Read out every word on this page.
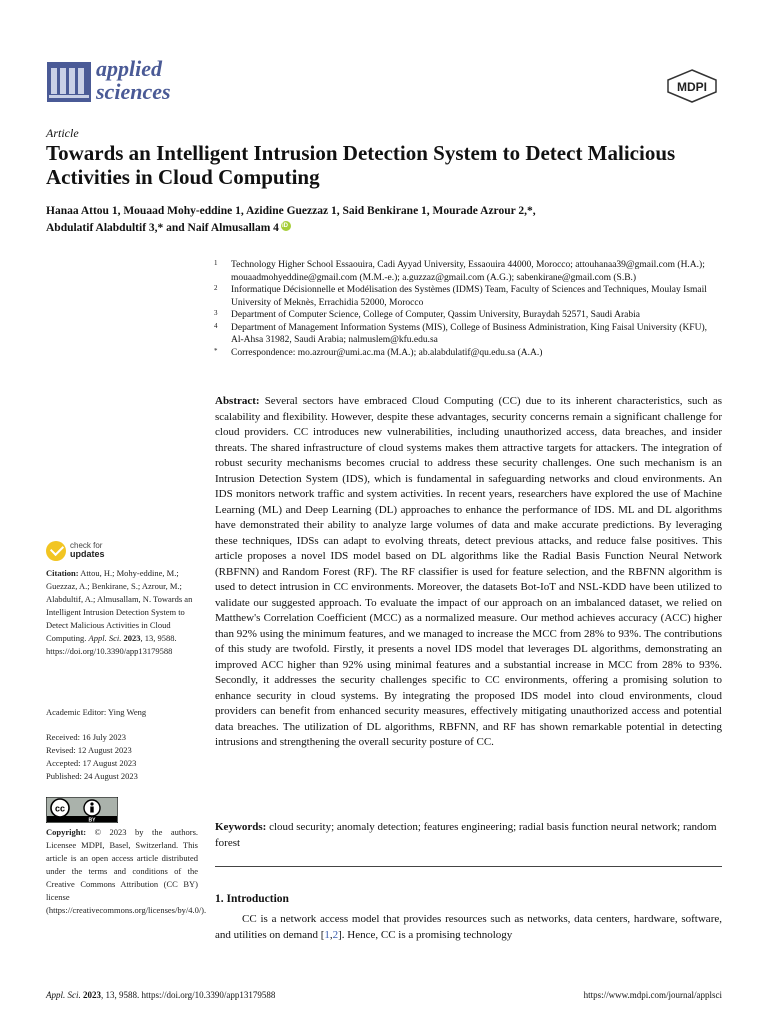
applied
sciences	MDPI
Article
Towards an Intelligent Intrusion Detection System to Detect Malicious Activities in Cloud Computing
Hanaa Attou 1, Mouaad Mohy-eddine 1, Azidine Guezzaz 1, Said Benkirane 1, Mourade Azrour 2,*,
Abdulatif Alabdultif 3,* and Naif Almusallam 4iD
1 Technology Higher School Essaouira, Cadi Ayyad University, Essaouira 44000, Morocco; attouhanaa39@gmail.com (H.A.); mouaadmohyeddine@gmail.com (M.M.-e.); a.guzzaz@gmail.com (A.G.); sabenkirane@gmail.com (S.B.)
2 Informatique Décisionnelle et Modélisation des Systèmes (IDMS) Team, Faculty of Sciences and Techniques, Moulay Ismail University of Meknès, Errachidia 52000, Morocco
3 Department of Computer Science, College of Computer, Qassim University, Buraydah 52571, Saudi Arabia
4 Department of Management Information Systems (MIS), College of Business Administration, King Faisal University (KFU), Al-Ahsa 31982, Saudi Arabia; nalmuslem@kfu.edu.sa
* Correspondence: mo.azrour@umi.ac.ma (M.A.); ab.alabdulatif@qu.edu.sa (A.A.)
Abstract: Several sectors have embraced Cloud Computing (CC) due to its inherent characteristics, such as scalability and flexibility. However, despite these advantages, security concerns remain a significant challenge for cloud providers. CC introduces new vulnerabilities, including unauthorized access, data breaches, and insider threats. The shared infrastructure of cloud systems makes them attractive targets for attackers. The integration of robust security mechanisms becomes crucial to address these security challenges. One such mechanism is an Intrusion Detection System (IDS), which is fundamental in safeguarding networks and cloud environments. An IDS monitors network traffic and system activities. In recent years, researchers have explored the use of Machine Learning (ML) and Deep Learning (DL) approaches to enhance the performance of IDS. ML and DL algorithms have demonstrated their ability to analyze large volumes of data and make accurate predictions. By leveraging these techniques, IDSs can adapt to evolving threats, detect previous attacks, and reduce false positives. This article proposes a novel IDS model based on DL algorithms like the Radial Basis Function Neural Network (RBFNN) and Random Forest (RF). The RF classifier is used for feature selection, and the RBFNN algorithm is used to detect intrusion in CC environments. Moreover, the datasets Bot-IoT and NSL-KDD have been utilized to validate our suggested approach. To evaluate the impact of our approach on an imbalanced dataset, we relied on Matthew's Correlation Coefficient (MCC) as a normalized measure. Our method achieves accuracy (ACC) higher than 92% using the minimum features, and we managed to increase the MCC from 28% to 93%. The contributions of this study are twofold. Firstly, it presents a novel IDS model that leverages DL algorithms, demonstrating an improved ACC higher than 92% using minimal features and a substantial increase in MCC from 28% to 93%. Secondly, it addresses the security challenges specific to CC environments, offering a promising solution to enhance security in cloud systems. By integrating the proposed IDS model into cloud environments, cloud providers can benefit from enhanced security measures, effectively mitigating unauthorized access and potential data breaches. The utilization of DL algorithms, RBFNN, and RF has shown remarkable potential in detecting intrusions and strengthening the overall security posture of CC.
Keywords: cloud security; anomaly detection; features engineering; radial basis function neural network; random forest
1. Introduction

CC is a network access model that provides resources such as networks, data centers, hardware, software, and utilities on demand [1,2]. Hence, CC is a promising technology

check for
updates
Citation: Attou, H.; Mohy-eddine, M.; Guezzaz, A.; Benkirane, S.; Azrour, M.; Alabdultif, A.; Almusallam, N. Towards an Intelligent Intrusion Detection System to Detect Malicious Activities in Cloud Computing. Appl. Sci. 2023, 13, 9588. https://doi.org/10.3390/app13179588
Academic Editor: Ying Weng
Received: 16 July 2023
Revised: 12 August 2023
Accepted: 17 August 2023
Published: 24 August 2023
cc
BY
Copyright: © 2023 by the authors. Licensee MDPI, Basel, Switzerland. This article is an open access article distributed under the terms and conditions of the Creative Commons Attribution (CC BY) license (https://creativecommons.org/licenses/by/4.0/).
Appl. Sci. 2023, 13, 9588. https://doi.org/10.3390/app13179588	https://www.mdpi.com/journal/applsci
